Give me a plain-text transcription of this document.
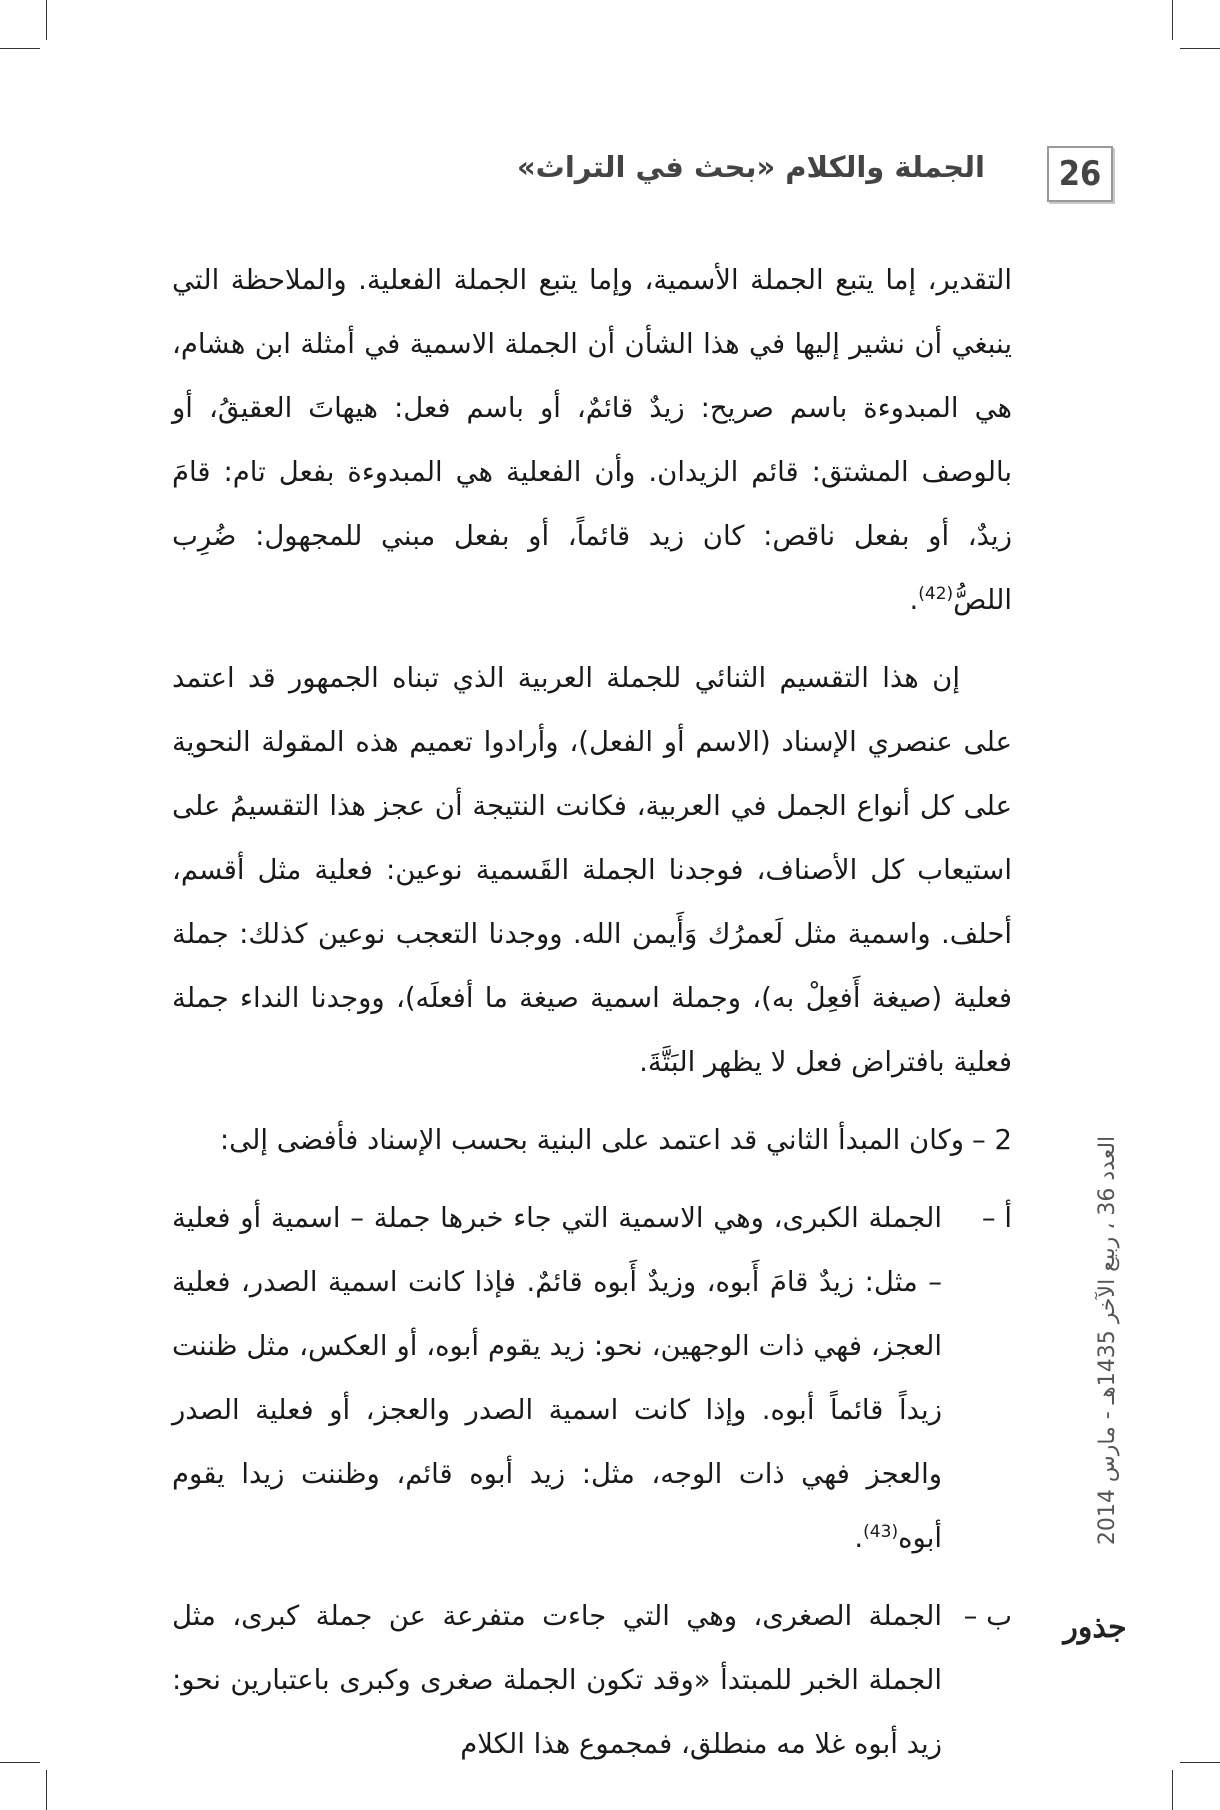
26
الجملة والكلام «بحث في التراث»

التقدير، إما يتبع الجملة الأسمية، وإما يتبع الجملة الفعلية. والملاحظة التي ينبغي أن نشير إليها في هذا الشأن أن الجملة الاسمية في أمثلة ابن هشام، هي المبدوءة باسم صريح: زيدٌ قائمٌ، أو باسم فعل: هيهاتَ العقيقُ، أو بالوصف المشتق: قائم الزيدان. وأن الفعلية هي المبدوءة بفعل تام: قامَ زيدٌ، أو بفعل ناقص: كان زيد قائماً، أو بفعل مبني للمجهول: ضُرِب اللصُّ$^{(42)}$.

إن هذا التقسيم الثنائي للجملة العربية الذي تبناه الجمهور قد اعتمد على عنصري الإسناد (الاسم أو الفعل)، وأرادوا تعميم هذه المقولة النحوية على كل أنواع الجمل في العربية، فكانت النتيجة أن عجز هذا التقسيمُ على استيعاب كل الأصناف، فوجدنا الجملة القَسمية نوعين: فعلية مثل أقسم، أحلف. واسمية مثل لَعمرُك وَأَيمن الله. ووجدنا التعجب نوعين كذلك: جملة فعلية (صيغة أَفعِلْ به)، وجملة اسمية صيغة ما أفعلَه)، ووجدنا النداء جملة فعلية بافتراض فعل لا يظهر البَتَّةَ.

2 –
وكان المبدأ الثاني قد اعتمد على البنية بحسب الإسناد فأفضى إلى:
أ –
الجملة الكبرى، وهي الاسمية التي جاء خبرها جملة – اسمية أو فعلية – مثل: زيدٌ قامَ أَبوه، وزيدٌ أَبوه قائمٌ. فإذا كانت اسمية الصدر، فعلية العجز، فهي ذات الوجهين، نحو: زيد يقوم أبوه، أو العكس، مثل ظننت زيداً قائماً أبوه. وإذا كانت اسمية الصدر والعجز، أو فعلية الصدر والعجز فهي ذات الوجه، مثل: زيد أبوه قائم، وظننت زيدا يقوم أبوه$^{(43)}$.
ب –
الجملة الصغرى، وهي التي جاءت متفرعة عن جملة كبرى، مثل الجملة الخبر للمبتدأ «وقد تكون الجملة صغرى وكبرى باعتبارين نحو: زيد أبوه غلا مه منطلق، فمجموع هذا الكلام
العدد 36 ، ربيع الآخر 1435هـ - مارس 2014
جذور
